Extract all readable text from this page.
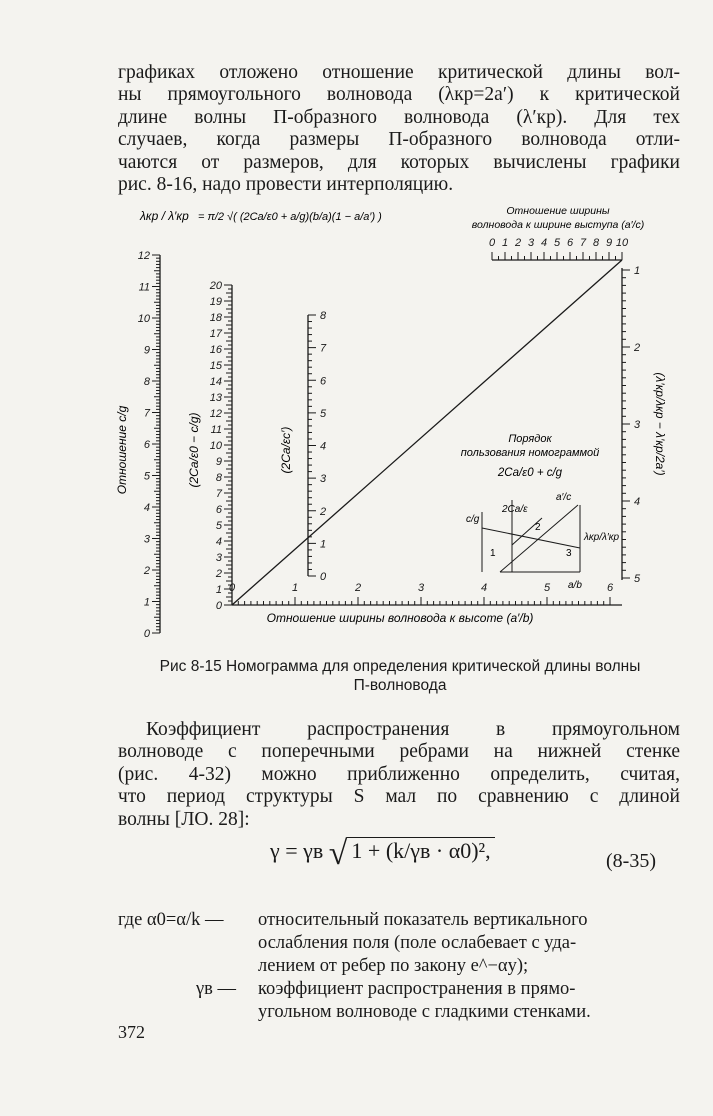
графиках отложено отношение критической длины вол-
ны прямоугольного волновода (λкр=2a′) к критической
длине волны П-образного волновода (λ′кр). Для тех
случаев, когда размеры П-образного волновода отли-
чаются от размеров, для которых вычислены графики
рис. 8-16, надо провести интерполяцию.
0
1
2
3
4
5
6
7
8
9
10
11
12
0
1
2
3
4
5
6
7
8
9
10
11
12
13
14
15
16
17
18
19
20
0
1
2
3
4
5
6
7
8
0	1	2	3	4	5	6
1
2
3
4
5
0 1 2 3 4 5 6 7 8 9 10
λкр / λ′кр = π/2 √( (2Ca/ε0 + a/g)(b/a)(1 − a/a′) )	Отношение ширины
волновода к ширине выступа (a′/c)
Отношение c/g	(2Ca/ε0 − c/g)	(2Ca/εc′)	(λ′кр/λкр − λ′кр/2a′)
Отношение ширины волновода к высоте (a′/b)
Порядок
пользования номограммой
2Ca/ε0 + c/g
c/g
2Ca/ε
a′/c
λкр/λ′кр
a/b
1
2
3
Рис 8-15 Номограмма для определения критической длины волны
П-волновода
Коэффициент распространения в прямоугольном
волноводе с поперечными ребрами на нижней стенке
(рис. 4-32) можно приближенно определить, считая,
что период структуры S мал по сравнению с длиной
волны [ЛО. 28]:
γ = γв √ 1 + (k/γв · α0)²,	(8-35)
где α0=α/k — относительный показатель вертикального
ослабления поля (поле ослабевает с уда-
лением от ребер по закону e^−αy);
γв — коэффициент распространения в прямо-
угольном волноводе с гладкими стенками.
372
